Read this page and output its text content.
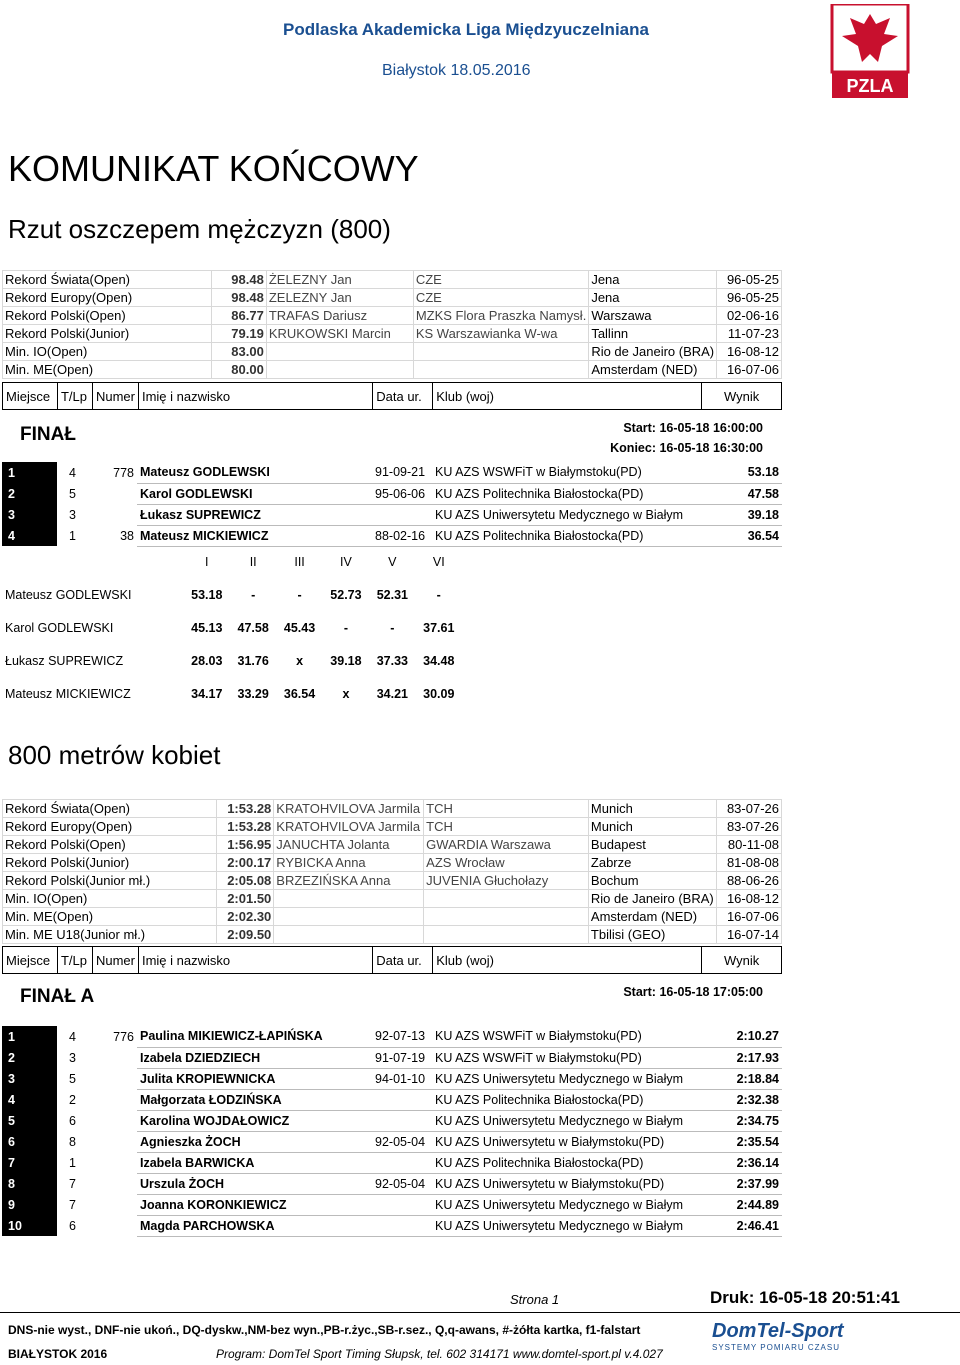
Podlaska Akademicka Liga Międzyuczelniana
Białystok 18.05.2016
PZLA
KOMUNIKAT KOŃCOWY
Rzut oszczepem mężczyzn (800)
Rekord Świata(Open)	98.48	ŻELEZNY Jan	CZE	Jena	96-05-25
Rekord Europy(Open)	98.48	ZELEZNY Jan	CZE	Jena	96-05-25
Rekord Polski(Open)	86.77	TRAFAS Dariusz	MZKS Flora Praszka Namysł.	Warszawa	02-06-16
Rekord Polski(Junior)	79.19	KRUKOWSKI Marcin	KS Warszawianka W-wa	Tallinn	11-07-23
Min. IO(Open)	83.00			Rio de Janeiro (BRA)	16-08-12
Min. ME(Open)	80.00			Amsterdam (NED)	16-07-06
Miejsce	T/Lp	Numer	Imię i nazwisko	Data ur.	Klub (woj)	Wynik
FINAŁ	Start: 16-05-18 16:00:00
Koniec: 16-05-18 16:30:00
1	4	778	Mateusz GODLEWSKI	91-09-21	KU AZS WSWFiT w Białymstoku(PD)	53.18
2	5		Karol GODLEWSKI	95-06-06	KU AZS Politechnika Białostocka(PD)	47.58
3	3		Łukasz SUPREWICZ		KU AZS Uniwersytetu Medycznego w Białym	39.18
4	1	38	Mateusz MICKIEWICZ	88-02-16	KU AZS Politechnika Białostocka(PD)	36.54
	I	II	III	IV	V	VI
Mateusz GODLEWSKI	53.18	-	-	52.73	52.31	-
Karol GODLEWSKI	45.13	47.58	45.43	-	-	37.61
Łukasz SUPREWICZ	28.03	31.76	x	39.18	37.33	34.48
Mateusz MICKIEWICZ	34.17	33.29	36.54	x	34.21	30.09
800 metrów kobiet
Rekord Świata(Open)	1:53.28	KRATOHVILOVA Jarmila	TCH	Munich	83-07-26
Rekord Europy(Open)	1:53.28	KRATOHVILOVA Jarmila	TCH	Munich	83-07-26
Rekord Polski(Open)	1:56.95	JANUCHTA Jolanta	GWARDIA Warszawa	Budapest	80-11-08
Rekord Polski(Junior)	2:00.17	RYBICKA Anna	AZS Wrocław	Zabrze	81-08-08
Rekord Polski(Junior mł.)	2:05.08	BRZEZIŃSKA Anna	JUVENIA Głuchołazy	Bochum	88-06-26
Min. IO(Open)	2:01.50			Rio de Janeiro (BRA)	16-08-12
Min. ME(Open)	2:02.30			Amsterdam (NED)	16-07-06
Min. ME U18(Junior mł.)	2:09.50			Tbilisi (GEO)	16-07-14
Miejsce	T/Lp	Numer	Imię i nazwisko	Data ur.	Klub (woj)	Wynik
FINAŁ A	Start: 16-05-18 17:05:00
1	4	776	Paulina MIKIEWICZ-ŁAPIŃSKA	92-07-13	KU AZS WSWFiT w Białymstoku(PD)	2:10.27
2	3		Izabela DZIEDZIECH	91-07-19	KU AZS WSWFiT w Białymstoku(PD)	2:17.93
3	5		Julita KROPIEWNICKA	94-01-10	KU AZS Uniwersytetu Medycznego w Białym	2:18.84
4	2		Małgorzata ŁODZIŃSKA		KU AZS Politechnika Białostocka(PD)	2:32.38
5	6		Karolina WOJDAŁOWICZ		KU AZS Uniwersytetu Medycznego w Białym	2:34.75
6	8		Agnieszka ŻOCH	92-05-04	KU AZS Uniwersytetu w Białymstoku(PD)	2:35.54
7	1		Izabela BARWICKA		KU AZS Politechnika Białostocka(PD)	2:36.14
8	7		Urszula ŻOCH	92-05-04	KU AZS Uniwersytetu w Białymstoku(PD)	2:37.99
9	7		Joanna KORONKIEWICZ		KU AZS Uniwersytetu Medycznego w Białym	2:44.89
10	6		Magda PARCHOWSKA		KU AZS Uniwersytetu Medycznego w Białym	2:46.41
Strona 1	Druk: 16-05-18 20:51:41
DNS-nie wyst., DNF-nie ukoń., DQ-dyskw.,NM-bez wyn.,PB-r.życ.,SB-r.sez., Q,q-awans, #-żółta kartka, f1-falstart	DomTel-Sport
SYSTEMY POMIARU CZASU
BIAŁYSTOK 2016	Program: DomTel Sport Timing Słupsk, tel. 602 314171 www.domtel-sport.pl v.4.027
